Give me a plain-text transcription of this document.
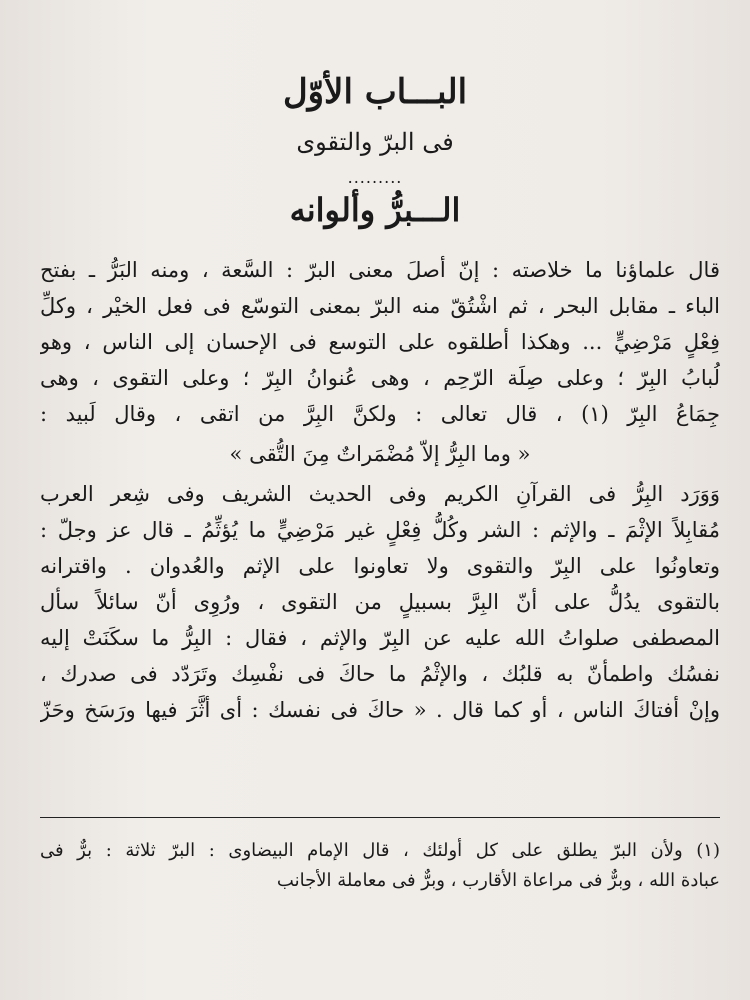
البـــاب الأوّل
فى البرّ والتقوى
.........
الـــبرُّ وألوانه
قال علماؤنا ما خلاصته : إنّ أصلَ معنى البرّ : السَّعة ، ومنه البَرُّ ـ بفتح
الباء ـ مقابل البحر ، ثم اشْتُقّ منه البرّ بمعنى التوسّع فى فعل الخيْر ، وكلِّ
فِعْلٍ مَرْضِيٍّ ... وهكذا أطلقوه على التوسع فى الإحسان إلى الناس ، وهو
لُبابُ البِرّ ؛ وعلى صِلَة الرّحِم ، وهى عُنوانُ البِرّ ؛ وعلى التقوى ، وهى
جِمَاعُ البِرّ (١) ، قال تعالى : ولكنَّ البِرَّ من اتقى ، وقال لَبيد :
« وما البِرُّ إلاّ مُضْمَراتٌ مِنَ التُّقى »
وَوَرَد البِرُّ فى القرآنِ الكريم وفى الحديث الشريف وفى شِعر العرب
مُقابِلاً الإثْمَ ـ والإثم : الشر وكُلُّ فِعْلٍ غير مَرْضِيٍّ ما يُؤثِّمُ ـ قال عز وجلّ :
وتعاونُوا على البِرّ والتقوى ولا تعاونوا على الإثم والعُدوان . واقترانه
بالتقوى يدُلُّ على أنّ البِرَّ بسبيلٍ من التقوى ، ورُوِى أنّ سائلاً سأل
المصطفى صلواتُ الله عليه عن البِرّ والإثم ، فقال : البِرُّ ما سكَنَتْ إليه
نفسُك واطمأنّ به قلبُك ، والإثْمُ ما حاكَ فى نفْسِك وتَرَدّد فى صدرك ،
وإنْ أفتاكَ الناس ، أو كما قال . « حاكَ فى نفسك : أى أثَّرَ فيها ورَسَخ وحَزّ
(١) ولأن البرّ يطلق على كل أولئك ، قال الإمام البيضاوى : البرّ ثلاثة : برٌّ فى
عبادة الله ، وبرٌّ فى مراعاة الأقارب ، وبرٌّ فى معاملة الأجانب
